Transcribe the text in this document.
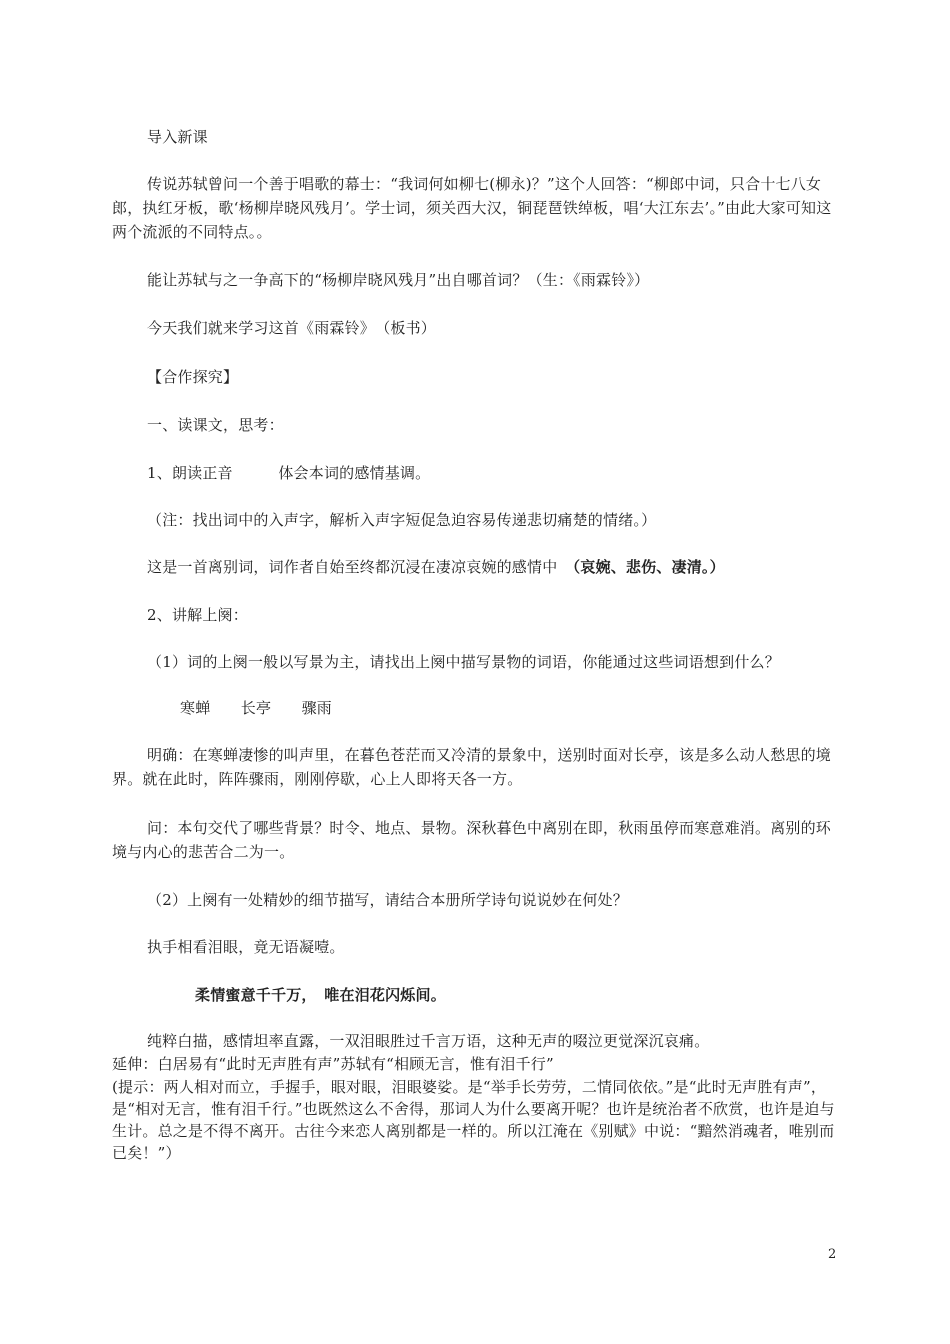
导入新课
传说苏轼曾问一个善于唱歌的幕士：“我词何如柳七(柳永)？”这个人回答：“柳郎中词，只合十七八女郎，执红牙板，歌‘杨柳岸晓风残月’。学士词，须关西大汉，铜琵琶铁绰板，唱‘大江东去’。”由此大家可知这两个流派的不同特点。。
能让苏轼与之一争高下的“杨柳岸晓风残月”出自哪首词？（生：《雨霖铃》）
今天我们就来学习这首《雨霖铃》　（板书）
【合作探究】
一、读课文，思考：
1、朗读正音　　　体会本词的感情基调。
（注：找出词中的入声字，解析入声字短促急迫容易传递悲切痛楚的情绪。）
这是一首离别词，词作者自始至终都沉浸在凄凉哀婉的感情中　（哀婉、悲伤、凄清。）
2、讲解上阕：
（1）词的上阕一般以写景为主，请找出上阕中描写景物的词语，你能通过这些词语想到什么？
寒蝉　　长亭　　骤雨
明确：在寒蝉凄惨的叫声里，在暮色苍茫而又冷清的景象中，送别时面对长亭，该是多么动人愁思的境界。就在此时，阵阵骤雨，刚刚停歇，心上人即将天各一方。
问：本句交代了哪些背景？时令、地点、景物。深秋暮色中离别在即，秋雨虽停而寒意难消。离别的环境与内心的悲苦合二为一。
（2）上阕有一处精妙的细节描写，请结合本册所学诗句说说妙在何处？
执手相看泪眼，竟无语凝噎。
柔情蜜意千千万，　唯在泪花闪烁间。
纯粹白描，感情坦率直露，一双泪眼胜过千言万语，这种无声的啜泣更觉深沉哀痛。
延伸：白居易有“此时无声胜有声”苏轼有“相顾无言，惟有泪千行”
(提示：两人相对而立，手握手，眼对眼，泪眼婆娑。是“举手长劳劳，二情同依依。”是“此时无声胜有声”，是“相对无言，惟有泪千行。”也既然这么不舍得，那词人为什么要离开呢？也许是统治者不欣赏，也许是迫与生计。总之是不得不离开。古往今来恋人离别都是一样的。所以江淹在《别赋》中说：“黯然消魂者，唯别而已矣！”）
2
